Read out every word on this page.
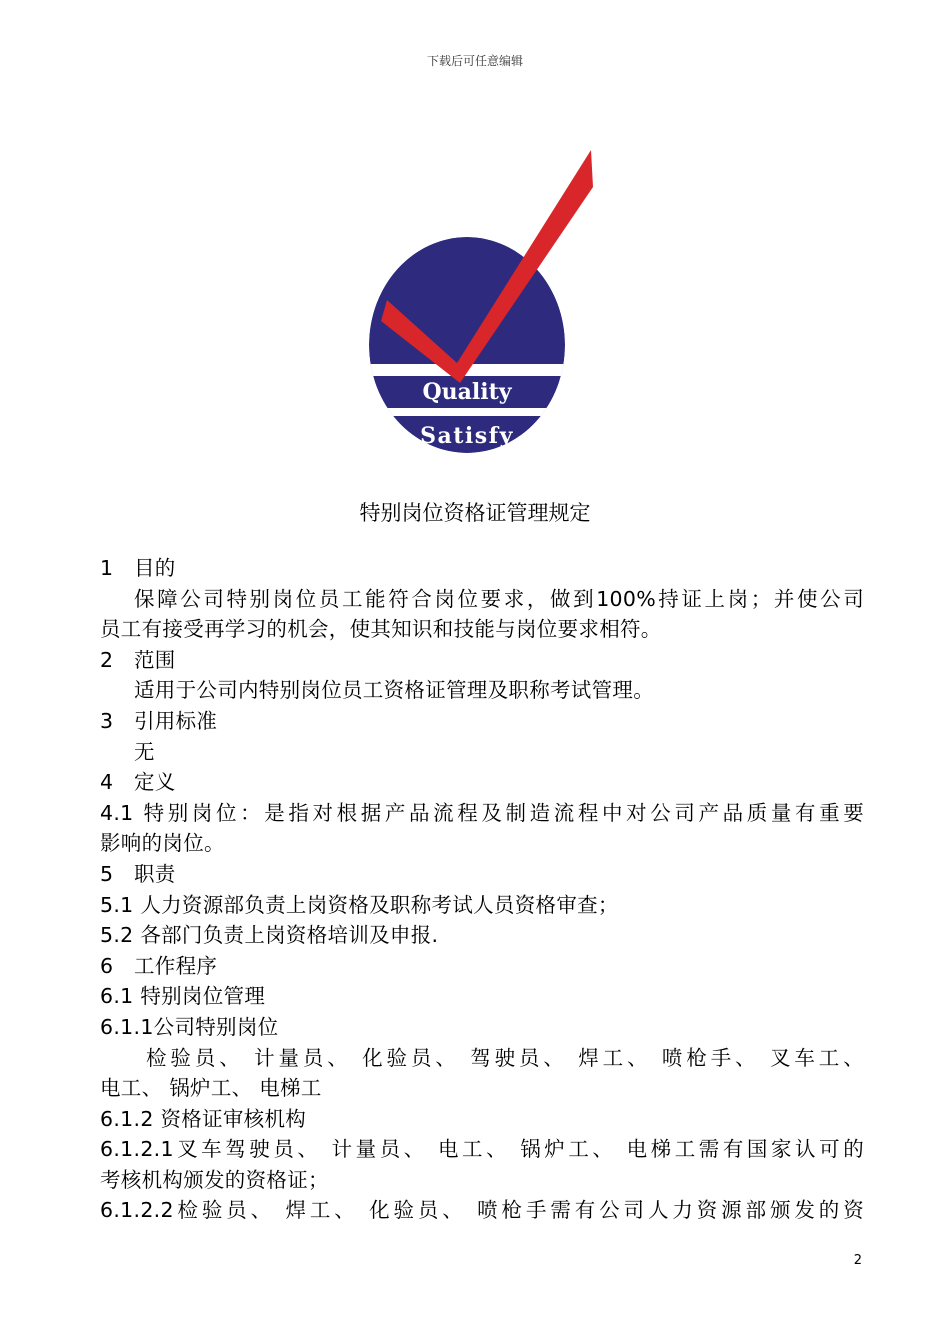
下载后可任意编辑
Quality
Satisfy
特别岗位资格证管理规定
1 目的
保障公司特别岗位员工能符合岗位要求，做到100%持证上岗；并使公司
员工有接受再学习的机会，使其知识和技能与岗位要求相符。
2 范围
适用于公司内特别岗位员工资格证管理及职称考试管理。
3 引用标准
无
4 定义
4.1 特别岗位：是指对根据产品流程及制造流程中对公司产品质量有重要
影响的岗位。
5 职责
5.1 人力资源部负责上岗资格及职称考试人员资格审查；
5.2 各部门负责上岗资格培训及申报.
6 工作程序
6.1 特别岗位管理
6.1.1公司特别岗位
检验员、 计量员、 化验员、 驾驶员、 焊工、 喷枪手、 叉车工、
电工、 锅炉工、 电梯工
6.1.2 资格证审核机构
6.1.2.1叉车驾驶员、 计量员、 电工、 锅炉工、 电梯工需有国家认可的
考核机构颁发的资格证；
6.1.2.2检验员、 焊工、 化验员、 喷枪手需有公司人力资源部颁发的资
2
